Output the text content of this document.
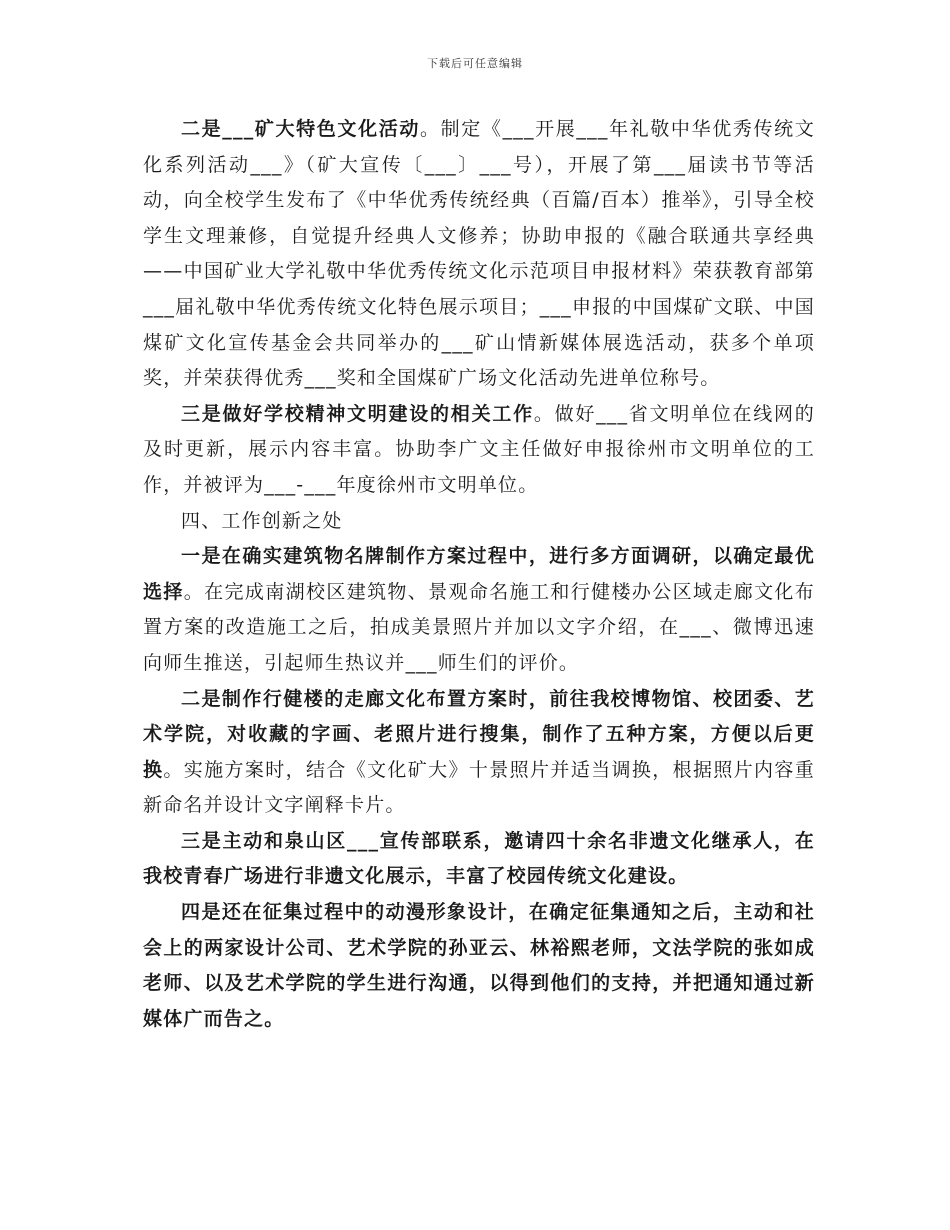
下载后可任意编辑

二是___矿大特色文化活动。制定《___开展___年礼敬中华优秀传统文化系列活动___》（矿大宣传〔___〕___号），开展了第___届读书节等活动，向全校学生发布了《中华优秀传统经典（百篇/百本）推举》，引导全校学生文理兼修，自觉提升经典人文修养；协助申报的《融合联通共享经典——中国矿业大学礼敬中华优秀传统文化示范项目申报材料》荣获教育部第___届礼敬中华优秀传统文化特色展示项目；___申报的中国煤矿文联、中国煤矿文化宣传基金会共同举办的___矿山情新媒体展选活动，获多个单项奖，并荣获得优秀___奖和全国煤矿广场文化活动先进单位称号。

三是做好学校精神文明建设的相关工作。做好___省文明单位在线网的及时更新，展示内容丰富。协助李广文主任做好申报徐州市文明单位的工作，并被评为___-___年度徐州市文明单位。

四、工作创新之处

一是在确实建筑物名牌制作方案过程中，进行多方面调研，以确定最优选择。在完成南湖校区建筑物、景观命名施工和行健楼办公区域走廊文化布置方案的改造施工之后，拍成美景照片并加以文字介绍，在___、微博迅速向师生推送，引起师生热议并___师生们的评价。

二是制作行健楼的走廊文化布置方案时，前往我校博物馆、校团委、艺术学院，对收藏的字画、老照片进行搜集，制作了五种方案，方便以后更换。实施方案时，结合《文化矿大》十景照片并适当调换，根据照片内容重新命名并设计文字阐释卡片。

三是主动和泉山区___宣传部联系，邀请四十余名非遗文化继承人，在我校青春广场进行非遗文化展示，丰富了校园传统文化建设。

四是还在征集过程中的动漫形象设计，在确定征集通知之后，主动和社会上的两家设计公司、艺术学院的孙亚云、林裕熙老师，文法学院的张如成老师、以及艺术学院的学生进行沟通，以得到他们的支持，并把通知通过新媒体广而告之。
